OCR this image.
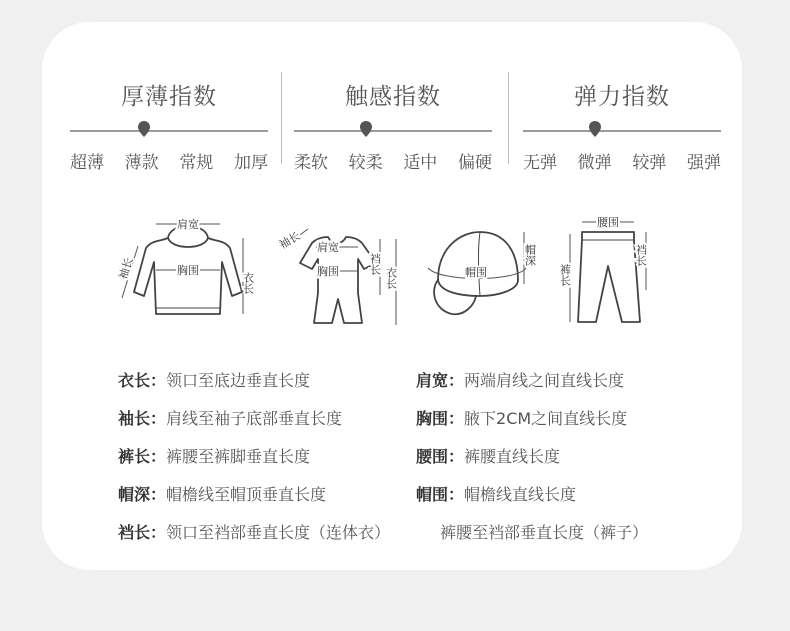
厚薄指数
超薄 薄款 常规 加厚
触感指数
柔软 较柔 适中 偏硬
弹力指数
无弹 微弹 较弹 强弹
肩宽
胸围
衣长
袖长
肩宽
胸围	裆长
衣长
袖长
帽围
帽深
腰围
裆长
裤长
衣长：领口至底边垂直长度
袖长：肩线至袖子底部垂直长度
裤长：裤腰至裤脚垂直长度
帽深：帽檐线至帽顶垂直长度
裆长：领口至裆部垂直长度（连体衣）
肩宽：两端肩线之间直线长度
胸围：腋下2CM之间直线长度
腰围：裤腰直线长度
帽围：帽檐线直线长度
裤腰至裆部垂直长度（裤子）
